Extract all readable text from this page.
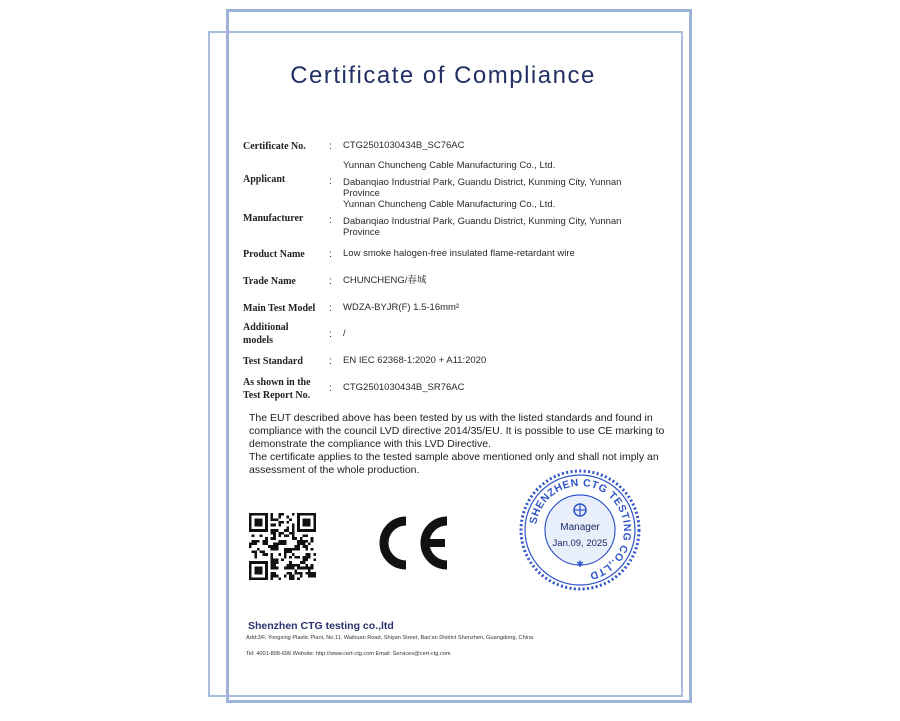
Certificate of Compliance
Certificate No.	: CTG2501030434B_SC76AC
Applicant	:
Yunnan Chuncheng Cable Manufacturing Co., Ltd.
Dabanqiao Industrial Park, Guandu District, Kunming City, Yunnan
Province
Manufacturer	:
Yunnan Chuncheng Cable Manufacturing Co., Ltd.
Dabanqiao Industrial Park, Guandu District, Kunming City, Yunnan
Province
Product Name	: Low smoke halogen-free insulated flame-retardant wire
Trade Name	: CHUNCHENG/春城
Main Test Model	: WDZA-BYJR(F) 1.5-16mm²
Additional
models
: /
Test Standard	: EN IEC 62368-1:2020 + A11:2020
As shown in the
Test Report No.
: CTG2501030434B_SR76AC

The EUT described above has been tested by us with the listed standards and found in compliance with the council LVD directive 2014/35/EU. It is possible to use CE marking to demonstrate the compliance with this LVD Directive.

The certificate applies to the tested sample above mentioned only and shall not imply an assessment of the whole production.

SHENZHEN CTG TESTING CO.,LTD
✱
Manager
Jan.09, 2025
Shenzhen CTG testing co.,ltd
Add:3/F, Yongxing Plastic Plant, No.11. Waihuan Road, Shiyan Street, Bao'an District Shenzhen, Guangdong, China
Tel: 4001-898-696 Website: http://www.cert-ctg.com Email: Services@cert-ctg.com
